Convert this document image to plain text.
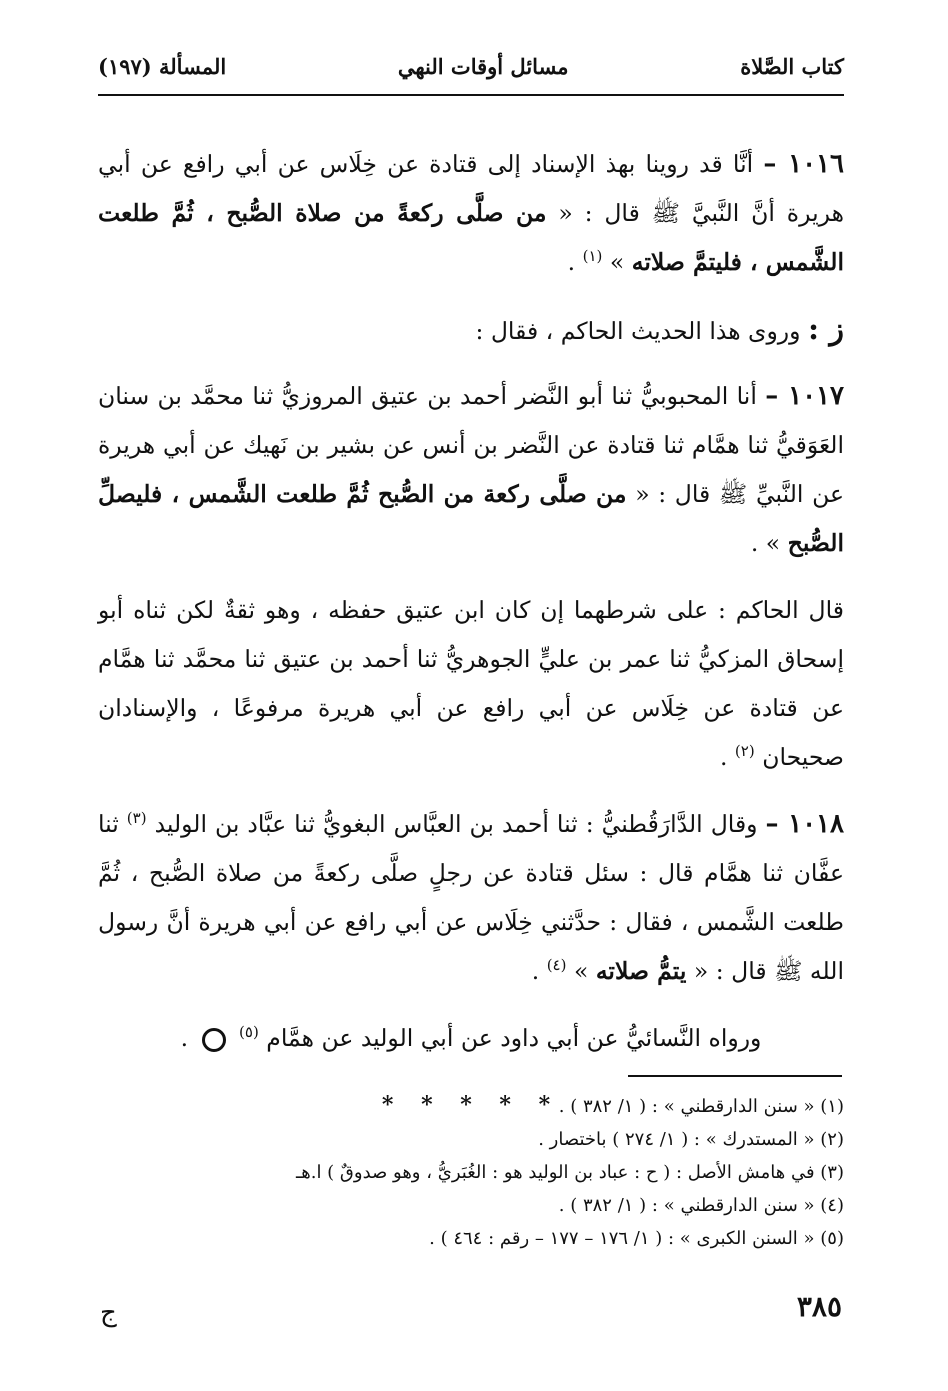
كتاب الصَّلاة
مسائل أوقات النهي
المسألة (١٩٧)

١٠١٦ – أنَّا قد روينا بهذ الإسناد إلى قتادة عن خِلَاس عن أبي رافع عن أبي هريرة أنَّ النَّبيَّ ﷺ قال : « من صلَّى ركعةً من صلاة الصُّبح ، ثُمَّ طلعت الشَّمس ، فليتمَّ صلاته » $^{(١)}$ .

ز : وروى هذا الحديث الحاكم ، فقال :

١٠١٧ – أنا المحبوبيُّ ثنا أبو النَّضر أحمد بن عتيق المروزيُّ ثنا محمَّد بن سنان العَوَقيُّ ثنا همَّام ثنا قتادة عن النَّضر بن أنس عن بشير بن نَهيك عن أبي هريرة عن النَّبيِّ ﷺ قال : « من صلَّى ركعة من الصُّبح ثُمَّ طلعت الشَّمس ، فليصلِّ الصُّبح » .

قال الحاكم : على شرطهما إن كان ابن عتيق حفظه ، وهو ثقةٌ لكن ثناه أبو إسحاق المزكيُّ ثنا عمر بن عليٍّ الجوهريُّ ثنا أحمد بن عتيق ثنا محمَّد ثنا همَّام عن قتادة عن خِلَاس عن أبي رافع عن أبي هريرة مرفوعًا ، والإسنادان صحيحان $^{(٢)}$ .

١٠١٨ – وقال الدَّارَقُطنيُّ : ثنا أحمد بن العبَّاس البغويُّ ثنا عبَّاد بن الوليد $^{(٣)}$ ثنا عفَّان ثنا همَّام قال : سئل قتادة عن رجلٍ صلَّى ركعةً من صلاة الصُّبح ، ثُمَّ طلعت الشَّمس ، فقال : حدَّثني خِلَاس عن أبي رافع عن أبي هريرة أنَّ رسول الله ﷺ قال : « يتمُّ صلاته » $^{(٤)}$ .

ورواه النَّسائيُّ عن أبي داود عن أبي الوليد عن همَّام $^{(٥)}$  .

* * * * *

(١) « سنن الدارقطني » : ( ١/ ٣٨٢ ) .

(٢) « المستدرك » : ( ١/ ٢٧٤ ) باختصار .

(٣) في هامش الأصل : ( ح : عباد بن الوليد هو : الغُبَريُّ ، وهو صدوقٌ ) ا.هـ

(٤) « سنن الدارقطني » : ( ١/ ٣٨٢ ) .

(٥) « السنن الكبرى » : ( ١/ ١٧٦ – ١٧٧ – رقم : ٤٦٤ ) .

٣٨٥
ج
